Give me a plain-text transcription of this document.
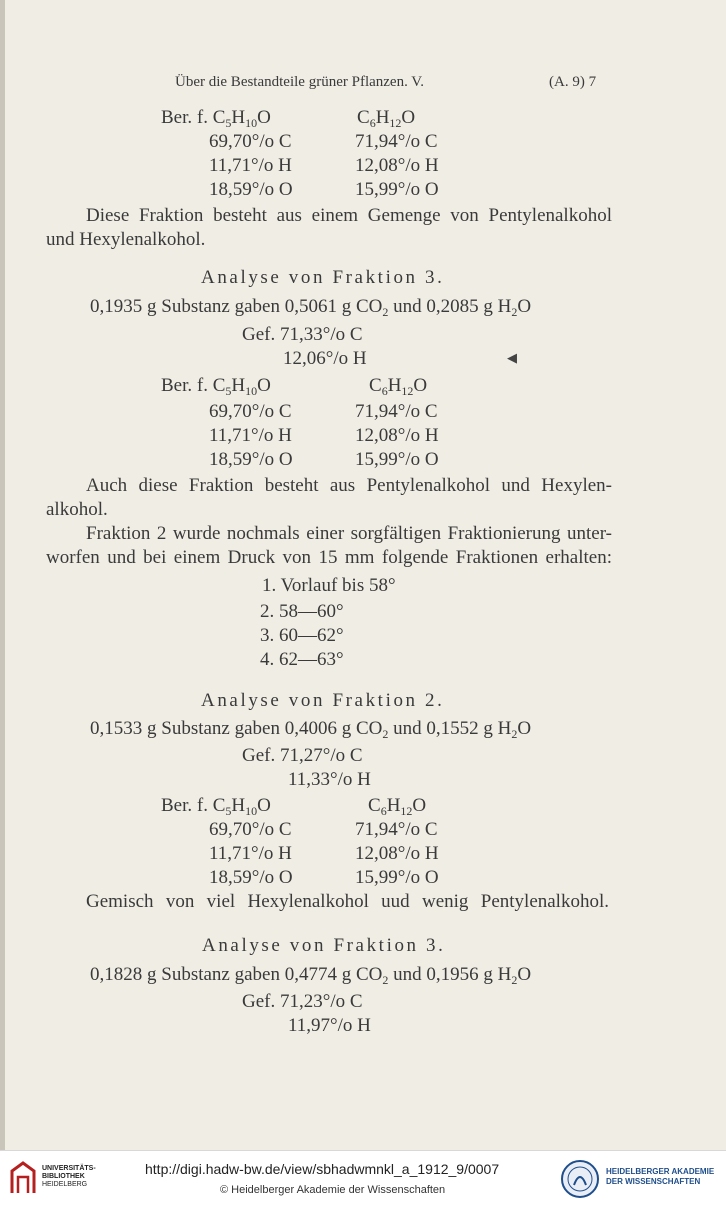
Über die Bestandteile grüner Pflanzen. V.	(A. 9) 7
Ber. f. $C_5H_{10}O$	$C_6H_{12}O$
69,70°/o C	71,94°/o C
11,71°/o H	12,08°/o H
18,59°/o O	15,99°/o O
Diese Fraktion besteht aus einem Gemenge von Pentylenalkohol
und Hexylenalkohol.
Analyse von Fraktion 3.
0,1935 g Substanz gaben 0,5061 g $CO_2$ und 0,2085 g $H_2O$
Gef. 71,33°/o C
12,06°/o H
Ber. f. $C_5H_{10}O$	$C_6H_{12}O$
69,70°/o C	71,94°/o C
11,71°/o H	12,08°/o H
18,59°/o O	15,99°/o O
Auch diese Fraktion besteht aus Pentylenalkohol und Hexylen-
alkohol.
Fraktion 2 wurde nochmals einer sorgfältigen Fraktionierung unter-
worfen und bei einem Druck von 15 mm folgende Fraktionen erhalten:
1. Vorlauf bis 58°
2. 58—60°
3. 60—62°
4. 62—63°
Analyse von Fraktion 2.
0,1533 g Substanz gaben 0,4006 g $CO_2$ und 0,1552 g $H_2O$
Gef. 71,27°/o C
11,33°/o H
Ber. f. $C_5H_{10}O$	$C_6H_{12}O$
69,70°/o C	71,94°/o C
11,71°/o H	12,08°/o H
18,59°/o O	15,99°/o O
Gemisch von viel Hexylenalkohol uud wenig Pentylenalkohol.
Analyse von Fraktion 3.
0,1828 g Substanz gaben 0,4774 g $CO_2$ und 0,1956 g $H_2O$
Gef. 71,23°/o C
11,97°/o H
◀
UNIVERSITÄTS-
BIBLIOTHEK
HEIDELBERG
http://digi.hadw-bw.de/view/sbhadwmnkl_a_1912_9/0007
© Heidelberger Akademie der Wissenschaften
HEIDELBERGER AKADEMIE
DER WISSENSCHAFTEN
